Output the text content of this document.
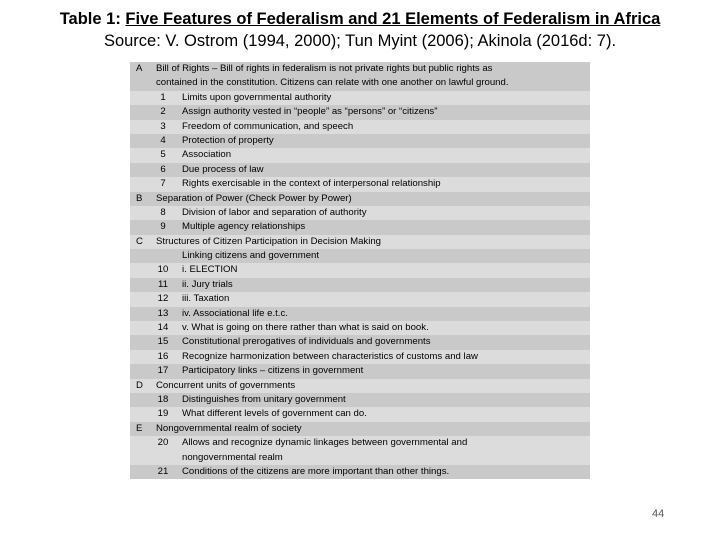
Table 1: Five Features of Federalism and 21 Elements of Federalism in Africa
Source: V. Ostrom (1994, 2000); Tun Myint (2006); Akinola (2016d: 7).
A	Bill of Rights – Bill of rights in federalism is not private rights but public rights as
contained in the constitution. Citizens can relate with one another on lawful ground.
1	Limits upon governmental authority
2	Assign authority vested in “people” as “persons” or “citizens”
3	Freedom of communication, and speech
4	Protection of property
5	Association
6	Due process of law
7	Rights exercisable in the context of interpersonal relationship
B	Separation of Power (Check Power by Power)
8	Division of labor and separation of authority
9	Multiple agency relationships
C	Structures of Citizen Participation in Decision Making
Linking citizens and government
10	i. ELECTION
11	ii. Jury trials
12	iii. Taxation
13	iv. Associational life e.t.c.
14	v. What is going on there rather than what is said on book.
15	Constitutional prerogatives of individuals and governments
16	Recognize harmonization between characteristics of customs and law
17	Participatory links – citizens in government
D	Concurrent units of governments
18	Distinguishes from unitary government
19	What different levels of government can do.
E	Nongovernmental realm of society
20	Allows and recognize dynamic linkages between governmental and
nongovernmental realm
21	Conditions of the citizens are more important than other things.
44
